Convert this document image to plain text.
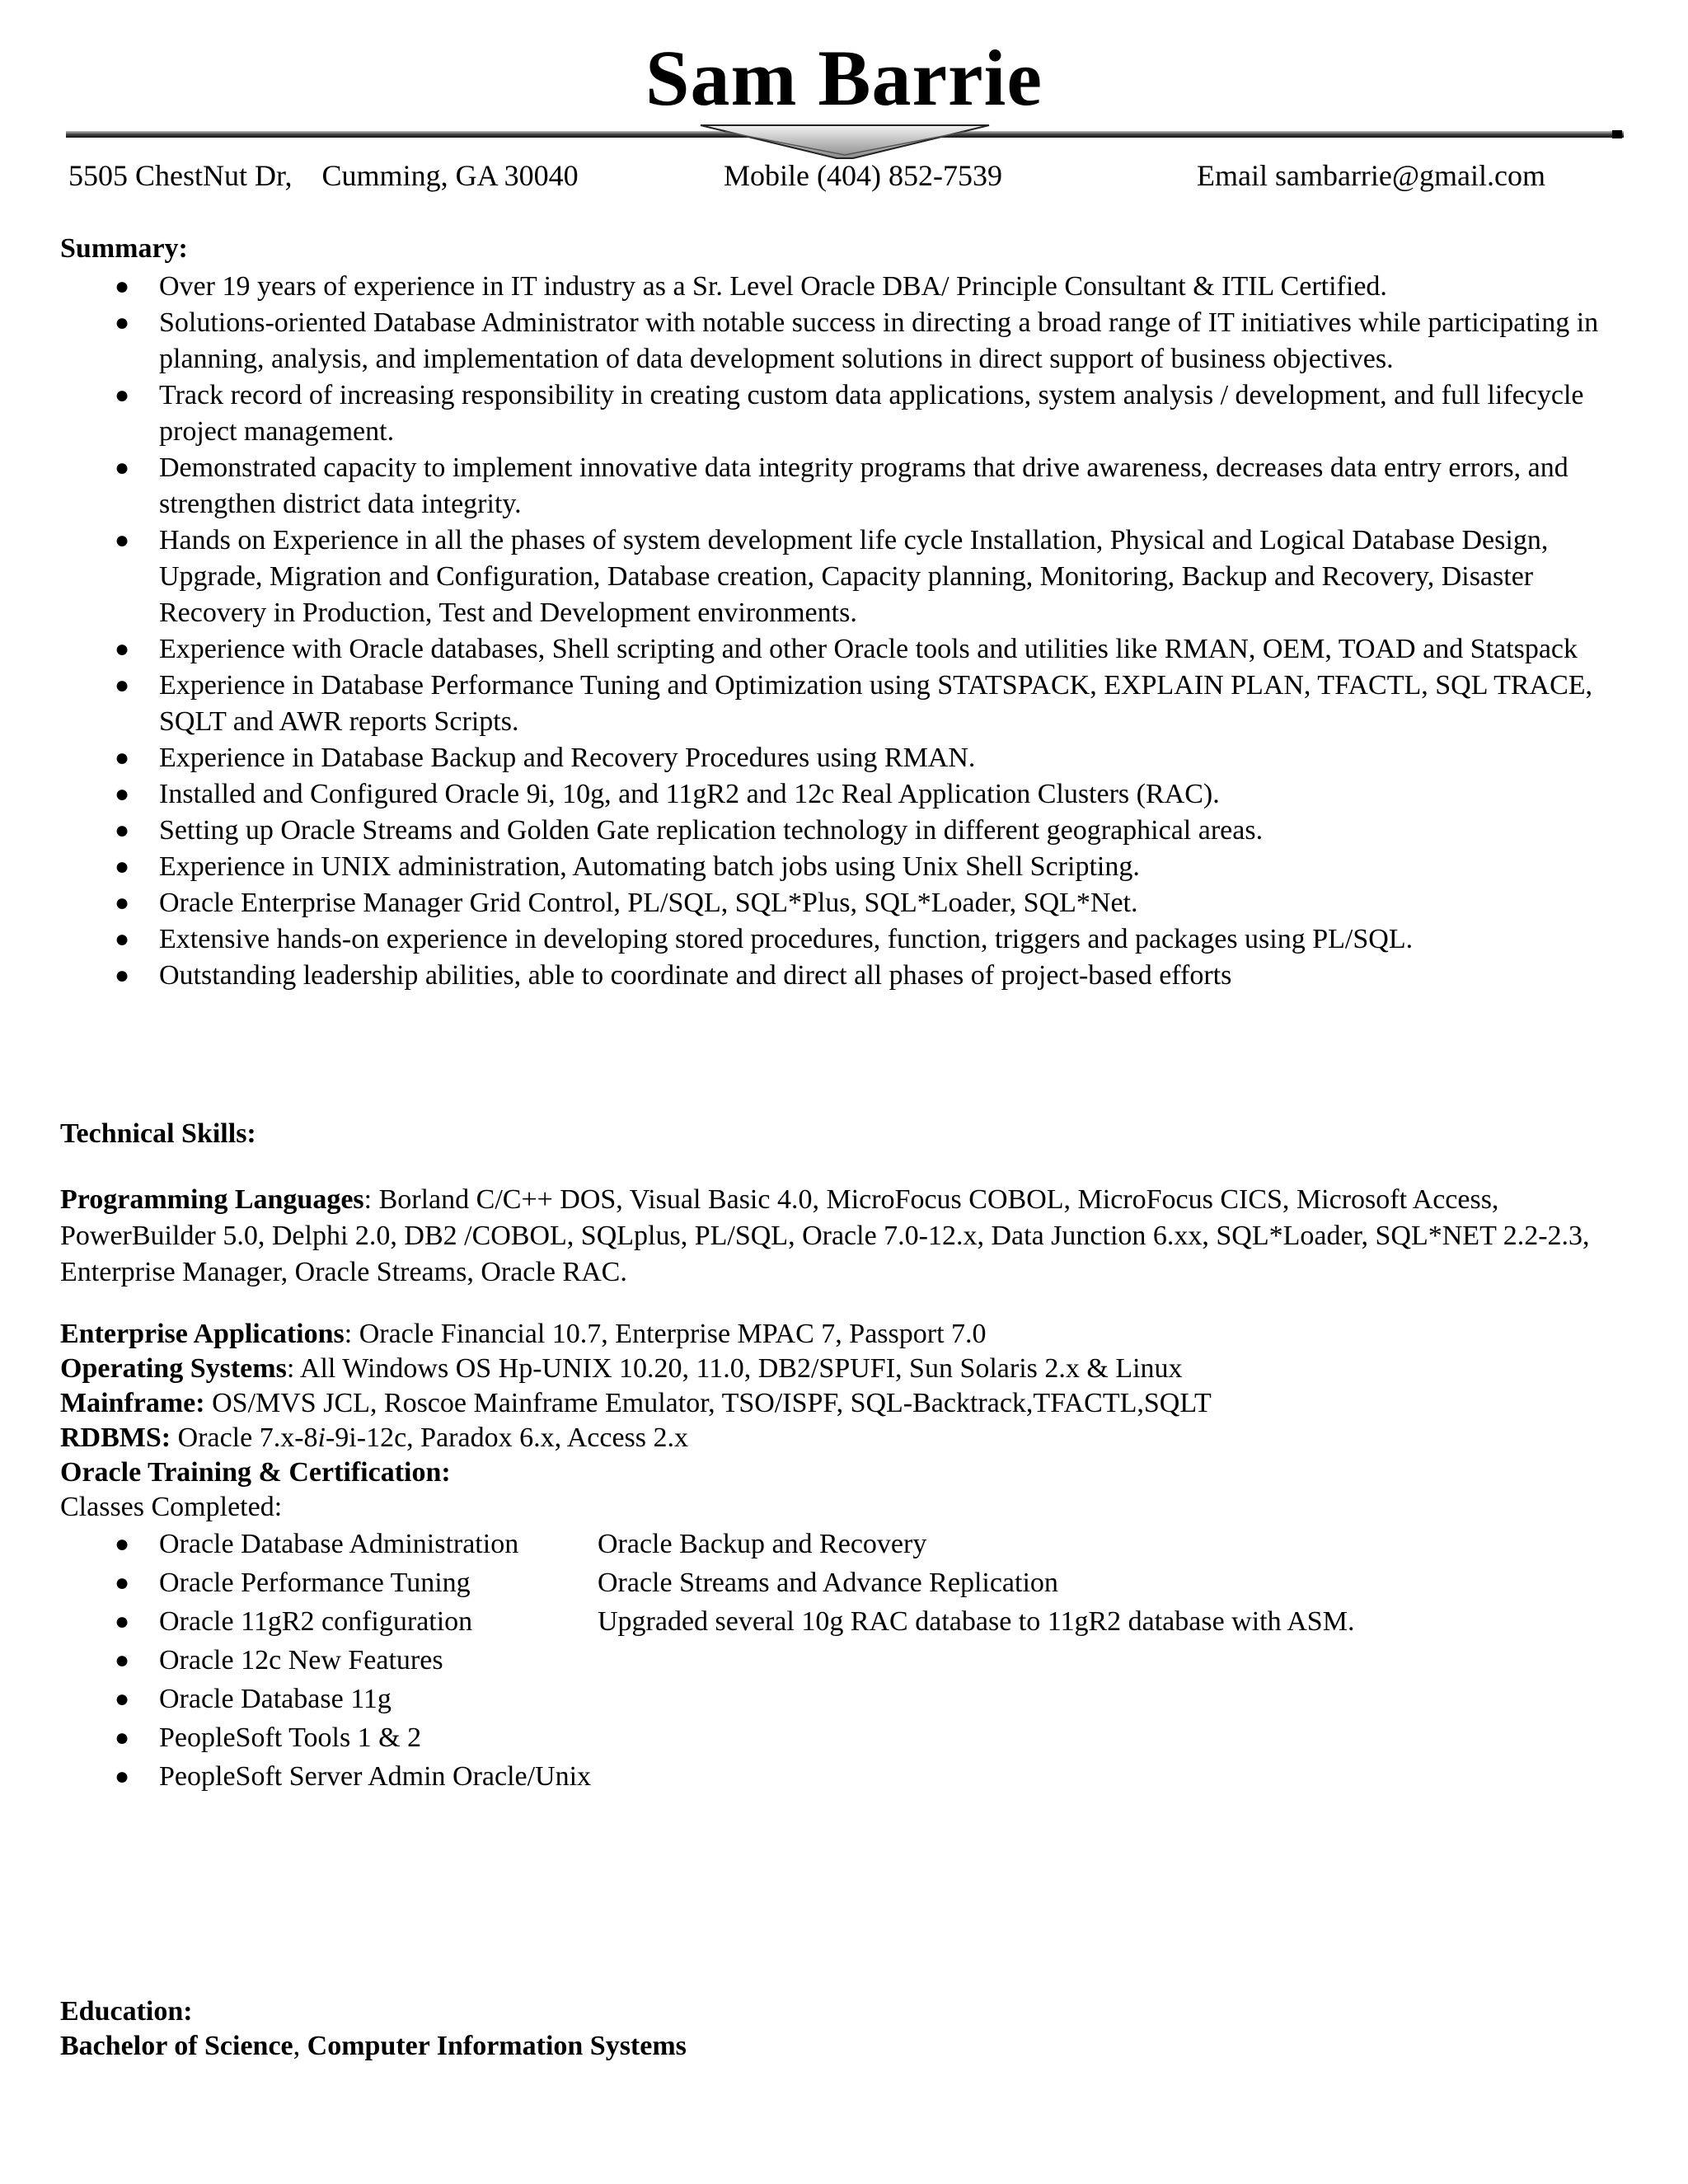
Sam Barrie
5505 ChestNut Dr,    Cumming, GA 30040	Mobile (404) 852-7539	Email sambarrie@gmail.com
Summary:
● Over 19 years of experience in IT industry as a Sr. Level Oracle DBA/ Principle Consultant & ITIL Certified.
● Solutions-oriented Database Administrator with notable success in directing a broad range of IT initiatives while participating in planning, analysis, and implementation of data development solutions in direct support of business objectives.
● Track record of increasing responsibility in creating custom data applications, system analysis / development, and full lifecycle project management.
● Demonstrated capacity to implement innovative data integrity programs that drive awareness, decreases data entry errors, and strengthen district data integrity.
● Hands on Experience in all the phases of system development life cycle Installation, Physical and Logical Database Design, Upgrade, Migration and Configuration, Database creation, Capacity planning, Monitoring, Backup and Recovery, Disaster Recovery in Production, Test and Development environments.
● Experience with Oracle databases, Shell scripting and other Oracle tools and utilities like RMAN, OEM, TOAD and Statspack
● Experience in Database Performance Tuning and Optimization using STATSPACK, EXPLAIN PLAN, TFACTL, SQL TRACE, SQLT and AWR reports Scripts.
● Experience in Database Backup and Recovery Procedures using RMAN.
● Installed and Configured Oracle 9i, 10g, and 11gR2 and 12c Real Application Clusters (RAC).
● Setting up Oracle Streams and Golden Gate replication technology in different geographical areas.
● Experience in UNIX administration, Automating batch jobs using Unix Shell Scripting.
● Oracle Enterprise Manager Grid Control, PL/SQL, SQL*Plus, SQL*Loader, SQL*Net.
● Extensive hands-on experience in developing stored procedures, function, triggers and packages using PL/SQL.
● Outstanding leadership abilities, able to coordinate and direct all phases of project-based efforts
Technical Skills:
Programming Languages: Borland C/C++ DOS, Visual Basic 4.0, MicroFocus COBOL, MicroFocus CICS, Microsoft Access, PowerBuilder 5.0, Delphi 2.0, DB2 /COBOL, SQLplus, PL/SQL, Oracle 7.0-12.x, Data Junction 6.xx, SQL*Loader, SQL*NET 2.2-2.3, Enterprise Manager, Oracle Streams, Oracle RAC.
Enterprise Applications: Oracle Financial 10.7, Enterprise MPAC 7, Passport 7.0
Operating Systems: All Windows OS Hp-UNIX 10.20, 11.0, DB2/SPUFI, Sun Solaris 2.x & Linux
Mainframe: OS/MVS JCL, Roscoe Mainframe Emulator, TSO/ISPF, SQL-Backtrack,TFACTL,SQLT
RDBMS: Oracle 7.x-8i-9i-12c, Paradox 6.x, Access 2.x
Oracle Training & Certification:
Classes Completed:
● Oracle Database Administration	Oracle Backup and Recovery
● Oracle Performance Tuning	Oracle Streams and Advance Replication
● Oracle 11gR2 configuration	Upgraded several 10g RAC database to 11gR2 database with ASM.
● Oracle 12c New Features
● Oracle Database 11g
● PeopleSoft Tools 1 & 2
● PeopleSoft Server Admin Oracle/Unix
Education:
Bachelor of Science, Computer Information Systems
